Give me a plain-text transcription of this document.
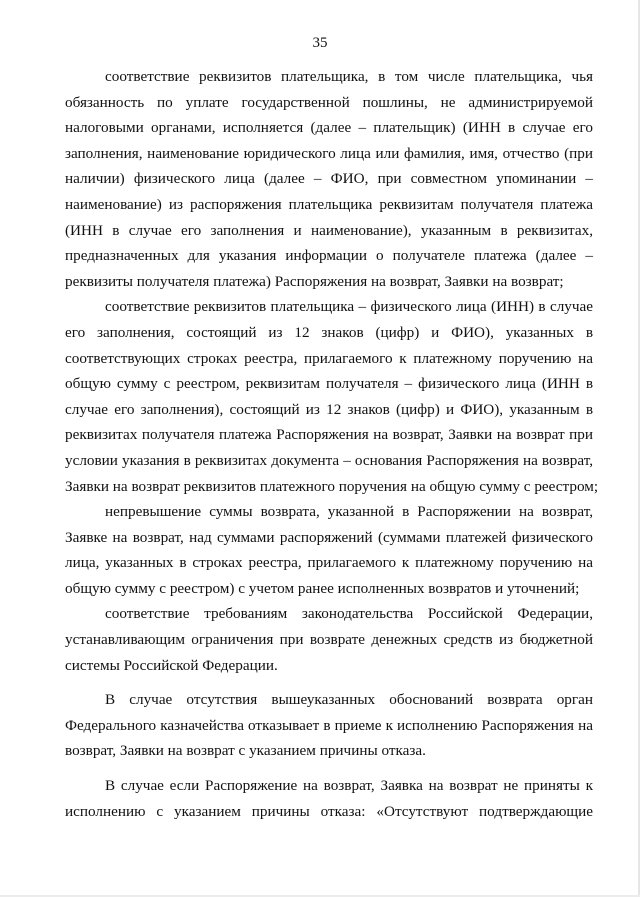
35
соответствие реквизитов плательщика, в том числе плательщика, чья
обязанность по уплате государственной пошлины, не администрируемой
налоговыми органами, исполняется (далее – плательщик) (ИНН в случае его
заполнения, наименование юридического лица или фамилия, имя, отчество (при
наличии) физического лица (далее – ФИО, при совместном упоминании –
наименование) из распоряжения плательщика реквизитам получателя платежа
(ИНН в случае его заполнения и наименование), указанным в реквизитах,
предназначенных для указания информации о получателе платежа (далее –
реквизиты получателя платежа) Распоряжения на возврат, Заявки на возврат;
соответствие реквизитов плательщика – физического лица (ИНН) в случае
его заполнения, состоящий из 12 знаков (цифр) и ФИО), указанных в
соответствующих строках реестра, прилагаемого к платежному поручению на
общую сумму с реестром, реквизитам получателя – физического лица (ИНН в
случае его заполнения), состоящий из 12 знаков (цифр) и ФИО), указанным в
реквизитах получателя платежа Распоряжения на возврат, Заявки на возврат при
условии указания в реквизитах документа – основания Распоряжения на возврат,
Заявки на возврат реквизитов платежного поручения на общую сумму с реестром;
непревышение суммы возврата, указанной в Распоряжении на возврат,
Заявке на возврат, над суммами распоряжений (суммами платежей физического
лица, указанных в строках реестра, прилагаемого к платежному поручению на
общую сумму с реестром) с учетом ранее исполненных возвратов и уточнений;
соответствие требованиям законодательства Российской Федерации,
устанавливающим ограничения при возврате денежных средств из бюджетной
системы Российской Федерации.
В случае отсутствия вышеуказанных обоснований возврата орган
Федерального казначейства отказывает в приеме к исполнению Распоряжения на
возврат, Заявки на возврат с указанием причины отказа.
В случае если Распоряжение на возврат, Заявка на возврат не приняты к
исполнению с указанием причины отказа: «Отсутствуют подтверждающие
